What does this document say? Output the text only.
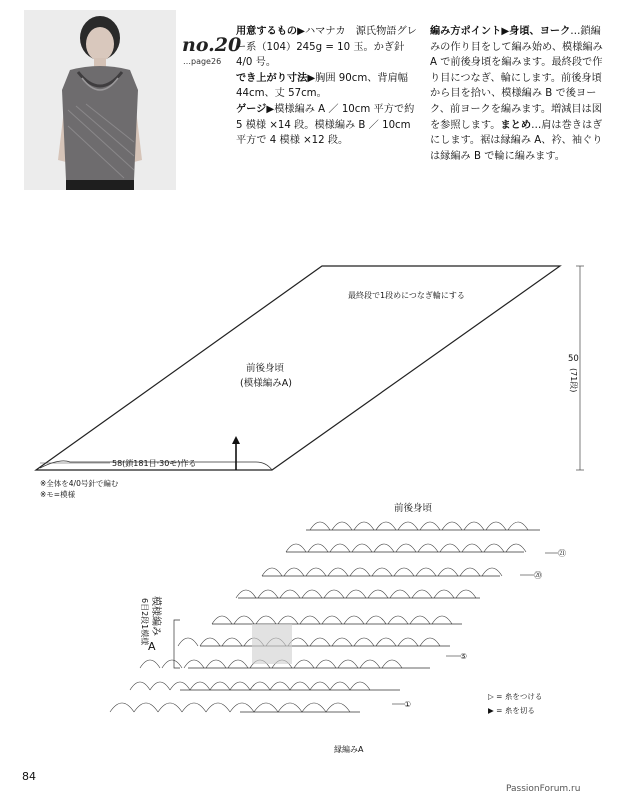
no.20
…page26
用意するもの▶ハマナカ　源氏物語グレー系（104）245g = 10 玉。かぎ針 4/0 号。
でき上がり寸法▶胸囲 90cm、背肩幅 44cm、丈 57cm。
ゲージ▶模様編み A ／ 10cm 平方で約 5 模様 ×14 段。模様編み B ／ 10cm 平方で 4 模様 ×12 段。
編み方ポイント▶身頃、ヨーク…鎖編みの作り目をして編み始め、模様編み A で前後身頃を編みます。最終段で作り目につなぎ、輪にします。前後身頃から目を拾い、模様編み B で後ヨーク、前ヨークを編みます。増減目は図を参照します。まとめ…肩は巻きはぎにします。裾は縁編み A、衿、袖ぐりは縁編み B で輪に編みます。
50
(71段)
58(鎖181目·30モ)作る
最終段で1段めにつなぎ輪にする
前後身頃
(模様編みA)
※全体を4/0号針で編む
※モ=模様
前後身頃
模様編み
A
6目2段1模様
㉑
⑳
⑤
①
縁編みA
▷ = 糸をつける
▶ = 糸を切る
84
PassionForum.ru
